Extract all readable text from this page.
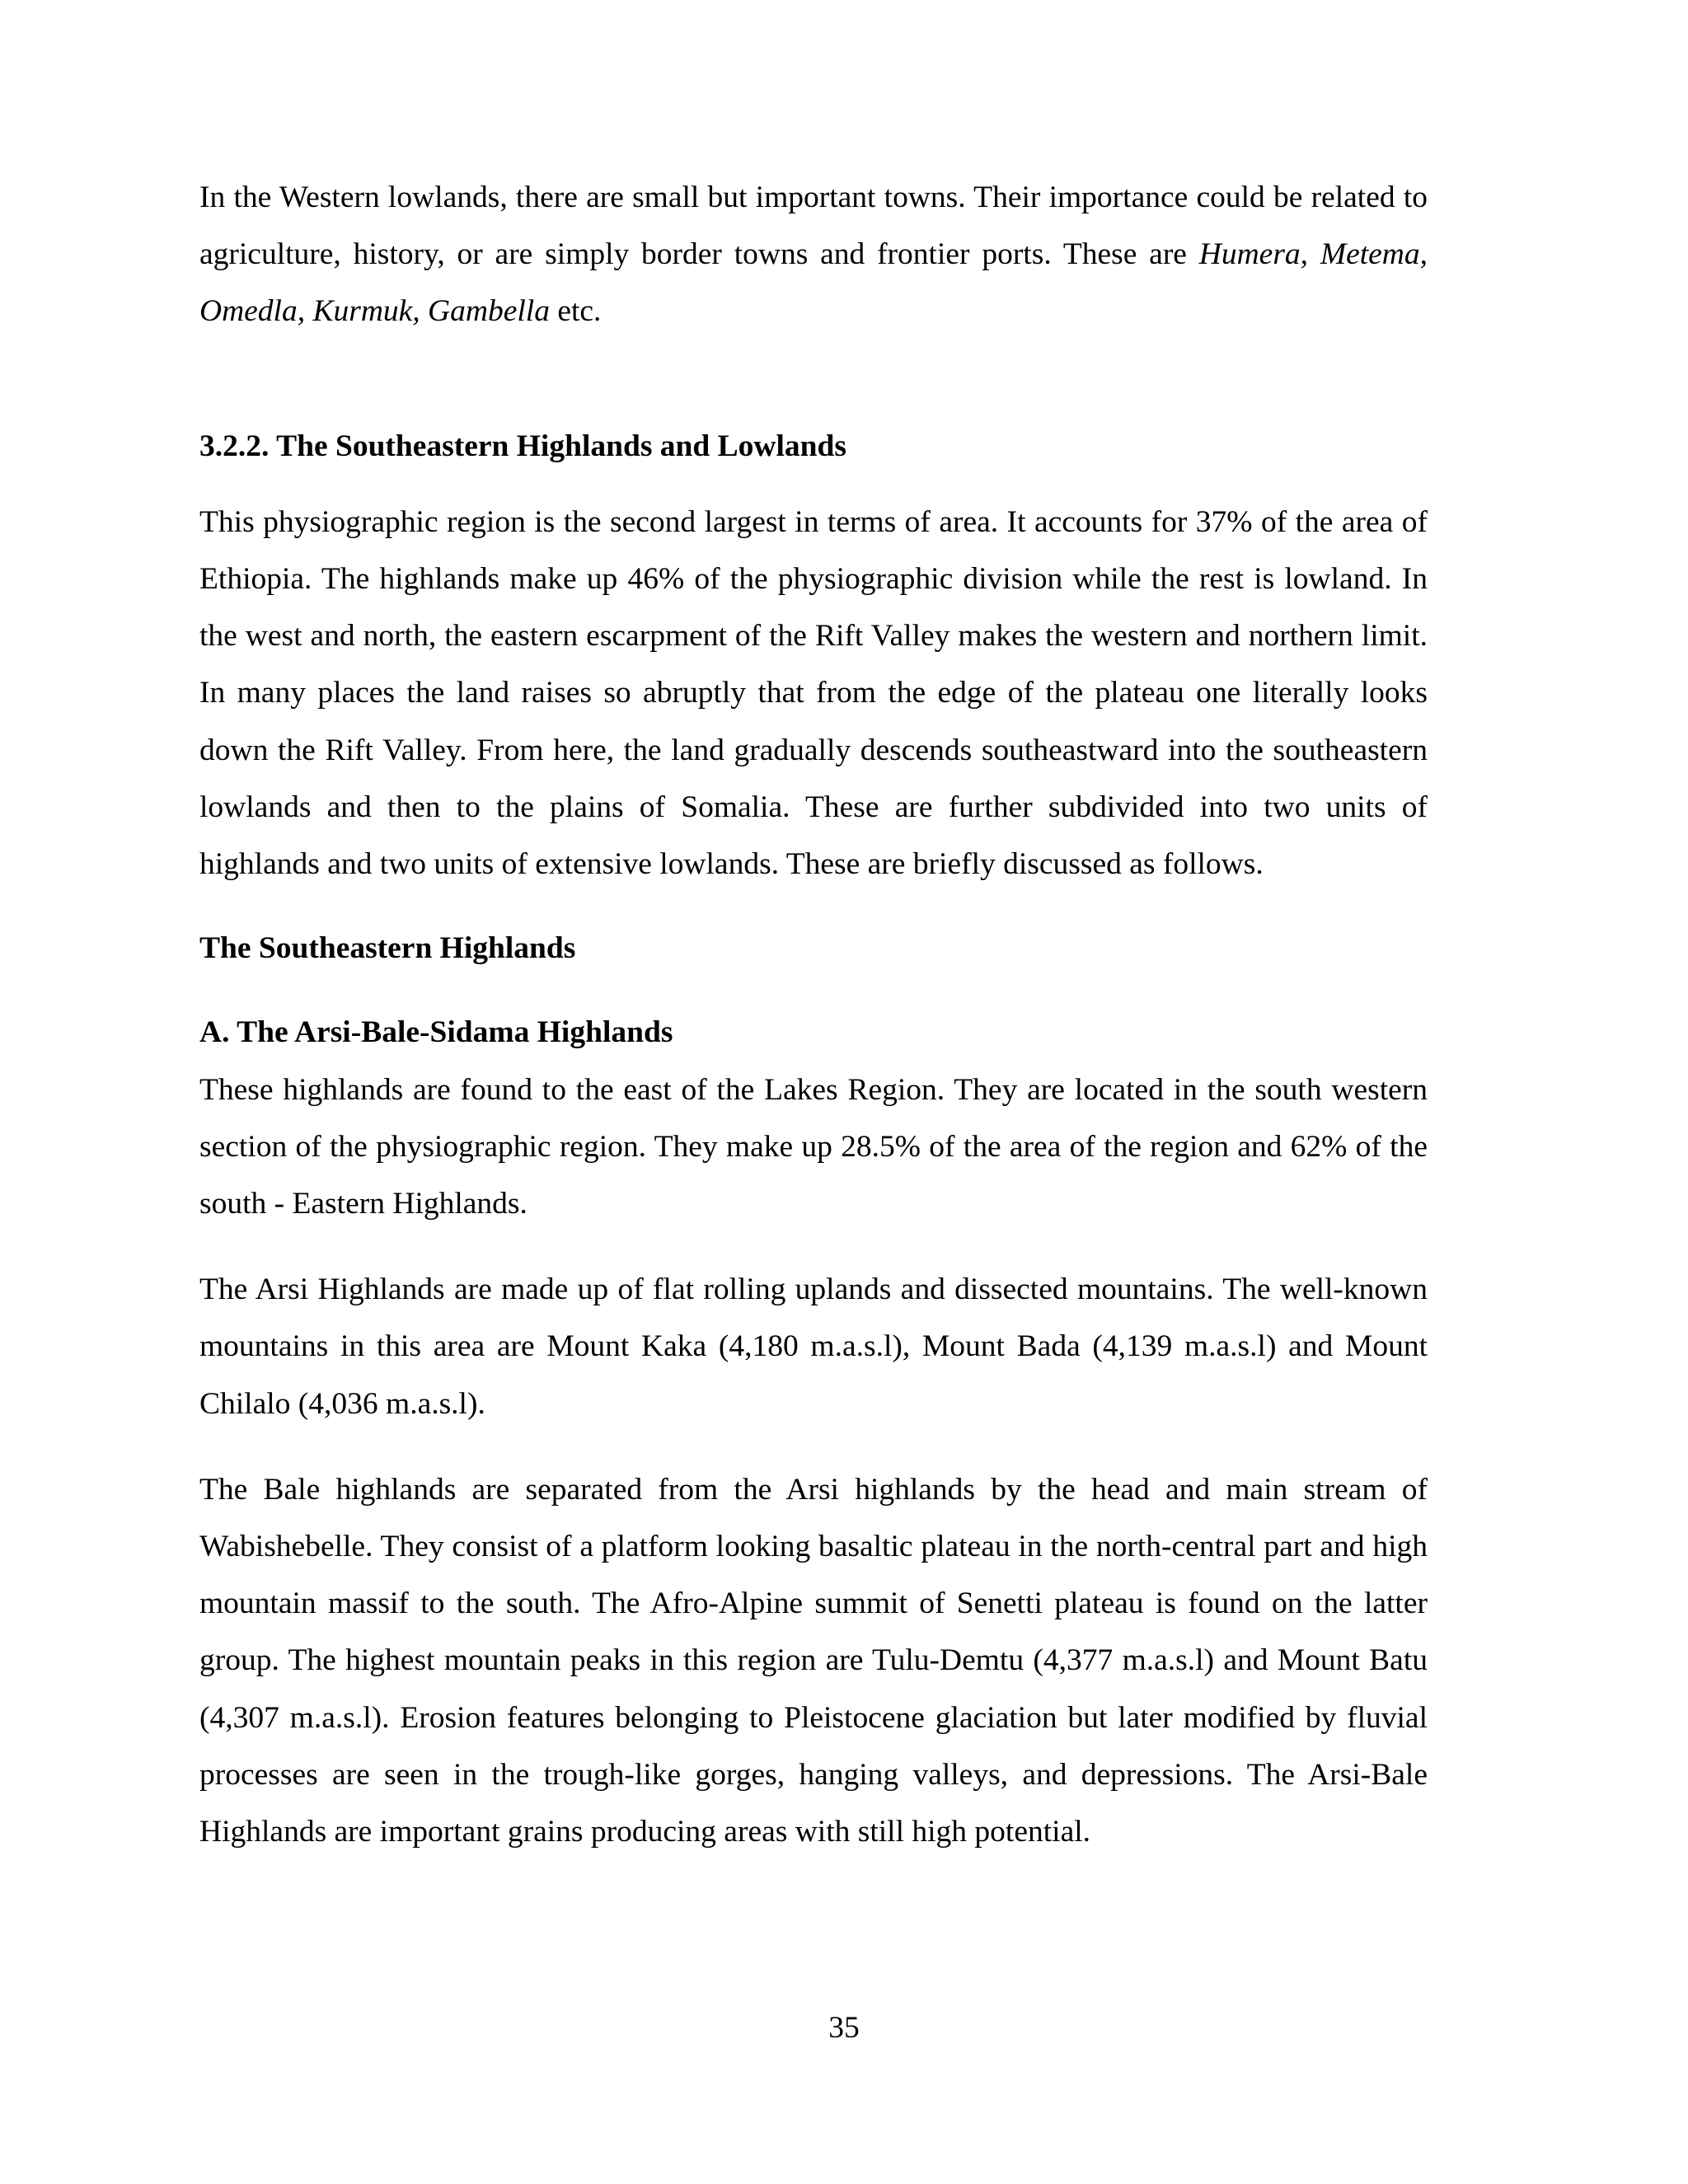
In the Western lowlands, there are small but important towns. Their importance could be related to agriculture, history, or are simply border towns and frontier ports. These are Humera, Metema, Omedla, Kurmuk, Gambella etc.

3.2.2. The Southeastern Highlands and Lowlands

This physiographic region is the second largest in terms of area. It accounts for 37% of the area of Ethiopia. The highlands make up 46% of the physiographic division while the rest is lowland. In the west and north, the eastern escarpment of the Rift Valley makes the western and northern limit. In many places the land raises so abruptly that from the edge of the plateau one literally looks down the Rift Valley. From here, the land gradually descends southeastward into the southeastern lowlands and then to the plains of Somalia. These are further subdivided into two units of highlands and two units of extensive lowlands. These are briefly discussed as follows.

The Southeastern Highlands
A. The Arsi-Bale-Sidama Highlands

These highlands are found to the east of the Lakes Region. They are located in the south western section of the physiographic region. They make up 28.5% of the area of the region and 62% of the south - Eastern Highlands.

The Arsi Highlands are made up of flat rolling uplands and dissected mountains. The well-known mountains in this area are Mount Kaka (4,180 m.a.s.l), Mount Bada (4,139 m.a.s.l) and Mount Chilalo (4,036 m.a.s.l).

The Bale highlands are separated from the Arsi highlands by the head and main stream of Wabishebelle. They consist of a platform looking basaltic plateau in the north-central part and high mountain massif to the south. The Afro-Alpine summit of Senetti plateau is found on the latter group. The highest mountain peaks in this region are Tulu-Demtu (4,377 m.a.s.l) and Mount Batu (4,307 m.a.s.l). Erosion features belonging to Pleistocene glaciation but later modified by fluvial processes are seen in the trough-like gorges, hanging valleys, and depressions. The Arsi-Bale Highlands are important grains producing areas with still high potential.

35
